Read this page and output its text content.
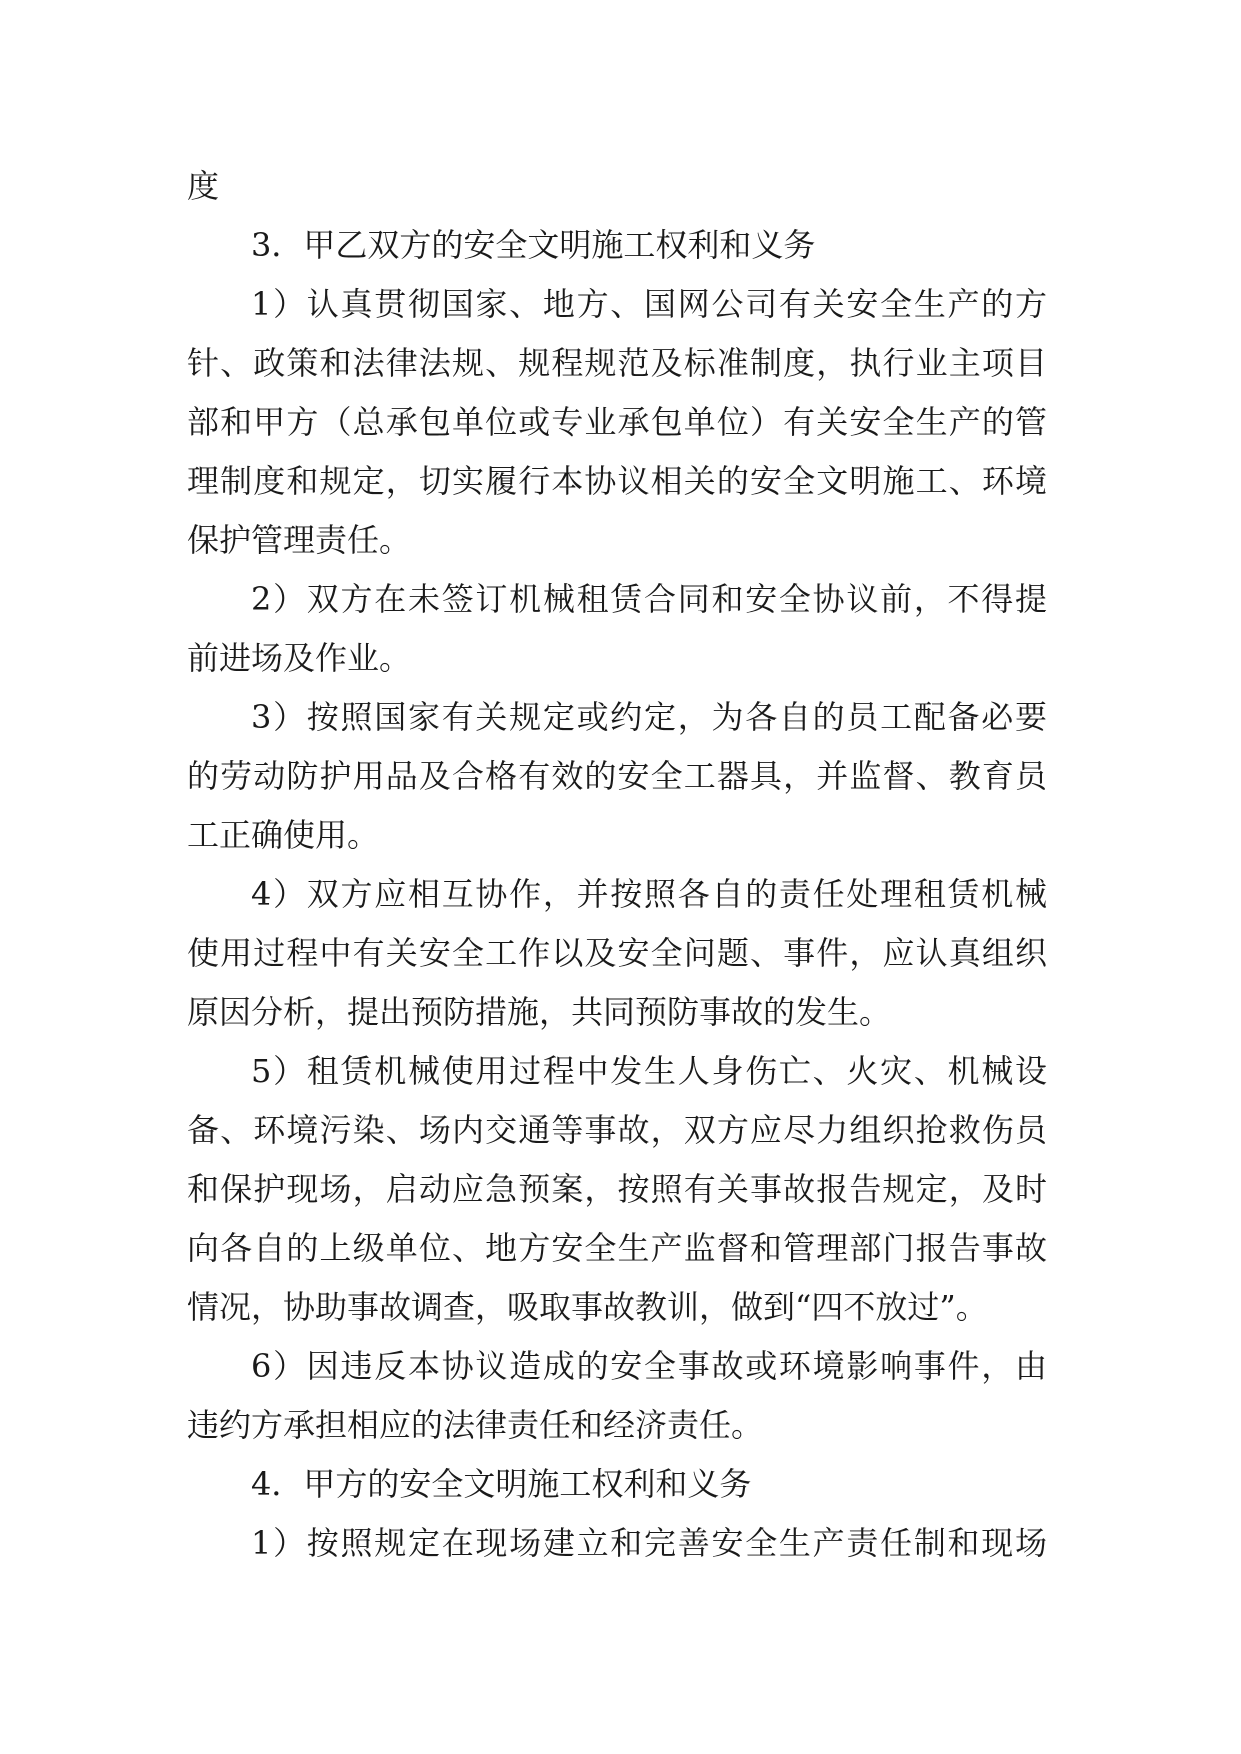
度
3．甲乙双方的安全文明施工权利和义务
1）认真贯彻国家、地方、国网公司有关安全生产的方
针、政策和法律法规、规程规范及标准制度，执行业主项目
部和甲方（总承包单位或专业承包单位）有关安全生产的管
理制度和规定，切实履行本协议相关的安全文明施工、环境
保护管理责任。
2）双方在未签订机械租赁合同和安全协议前，不得提
前进场及作业。
3）按照国家有关规定或约定，为各自的员工配备必要
的劳动防护用品及合格有效的安全工器具，并监督、教育员
工正确使用。
4）双方应相互协作，并按照各自的责任处理租赁机械
使用过程中有关安全工作以及安全问题、事件，应认真组织
原因分析，提出预防措施，共同预防事故的发生。
5）租赁机械使用过程中发生人身伤亡、火灾、机械设
备、环境污染、场内交通等事故，双方应尽力组织抢救伤员
和保护现场，启动应急预案，按照有关事故报告规定，及时
向各自的上级单位、地方安全生产监督和管理部门报告事故
情况，协助事故调查，吸取事故教训，做到“四不放过”。
6）因违反本协议造成的安全事故或环境影响事件，由
违约方承担相应的法律责任和经济责任。
4．甲方的安全文明施工权利和义务
1）按照规定在现场建立和完善安全生产责任制和现场
